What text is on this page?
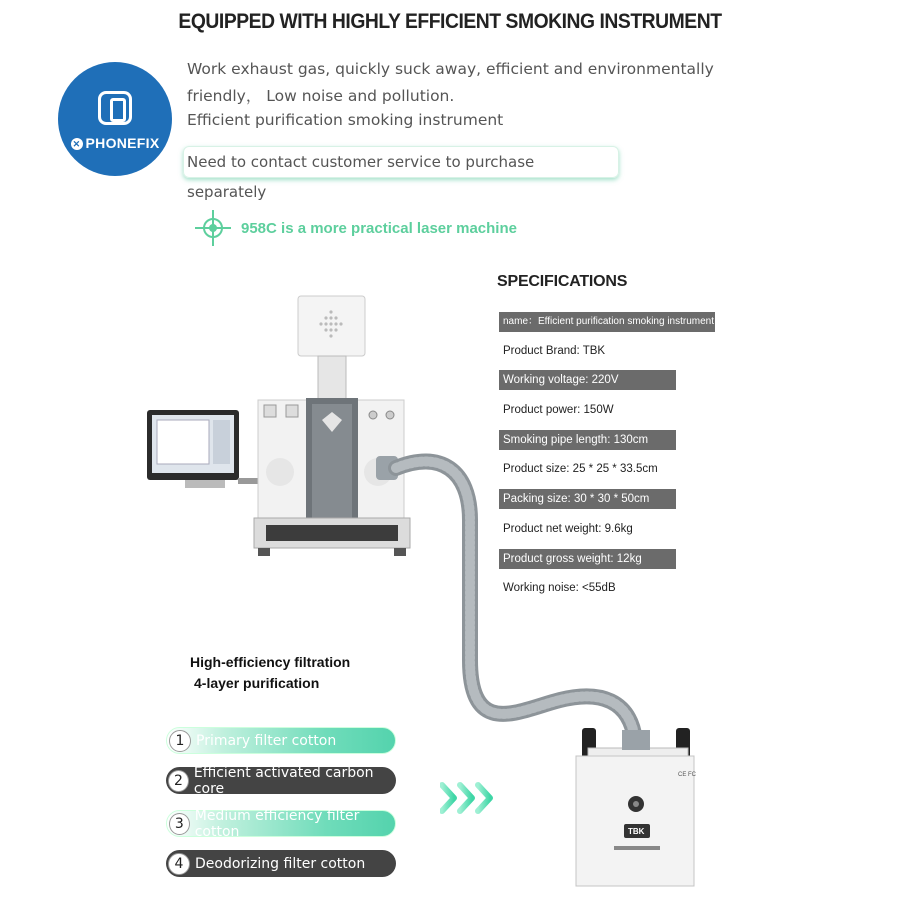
CE FC
TBK
EQUIPPED WITH HIGHLY EFFICIENT SMOKING INSTRUMENT
✕ PHONEFIX

Work exhaust gas, quickly suck away, efficient and environmentally

friendly， Low noise and pollution.

Efficient purification smoking instrument

Need to contact customer service to purchase separately
958C is a more practical laser machine
SPECIFICATIONS
name：Efficient purification smoking instrument
Product Brand: TBK
Working voltage: 220V
Product power: 150W
Smoking pipe length: 130cm
Product size: 25 * 25 * 33.5cm
Packing size: 30 * 30 * 50cm
Product net weight: 9.6kg
Product gross weight: 12kg
Working noise: <55dB
High-efficiency filtration
4-layer purification
1 Primary filter cotton
2 Efficient activated carbon core
3 Medium efficiency filter cotton
4 Deodorizing filter cotton
